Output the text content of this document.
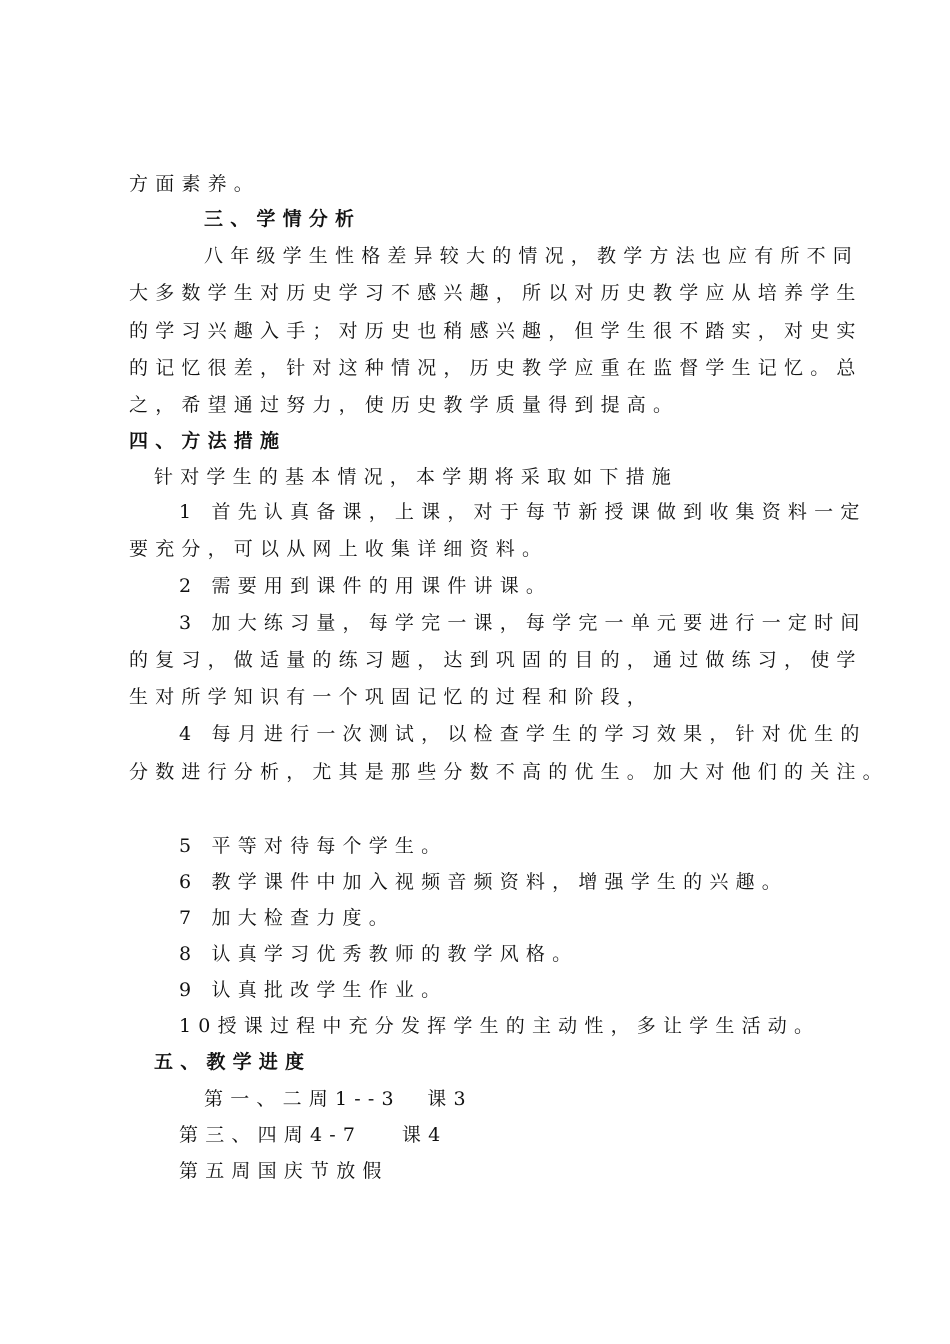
方面素养。
三、学情分析
八年级学生性格差异较大的情况，教学方法也应有所不同
大多数学生对历史学习不感兴趣，所以对历史教学应从培养学生
的学习兴趣入手；对历史也稍感兴趣，但学生很不踏实，对史实
的记忆很差，针对这种情况，历史教学应重在监督学生记忆。总
之，希望通过努力，使历史教学质量得到提高。
四、方法措施
针对学生的基本情况，本学期将采取如下措施
1 首先认真备课，上课，对于每节新授课做到收集资料一定
要充分，可以从网上收集详细资料。
2 需要用到课件的用课件讲课。
3 加大练习量，每学完一课，每学完一单元要进行一定时间
的复习，做适量的练习题，达到巩固的目的，通过做练习，使学
生对所学知识有一个巩固记忆的过程和阶段，
4 每月进行一次测试，以检查学生的学习效果，针对优生的
分数进行分析，尤其是那些分数不高的优生。加大对他们的关注。
5 平等对待每个学生。
6 教学课件中加入视频音频资料，增强学生的兴趣。
7 加大检查力度。
8 认真学习优秀教师的教学风格。
9 认真批改学生作业。
10授课过程中充分发挥学生的主动性，多让学生活动。
五、教学进度
第一、二周1--3  课3
第三、四周4-7   课4
第五周国庆节放假
